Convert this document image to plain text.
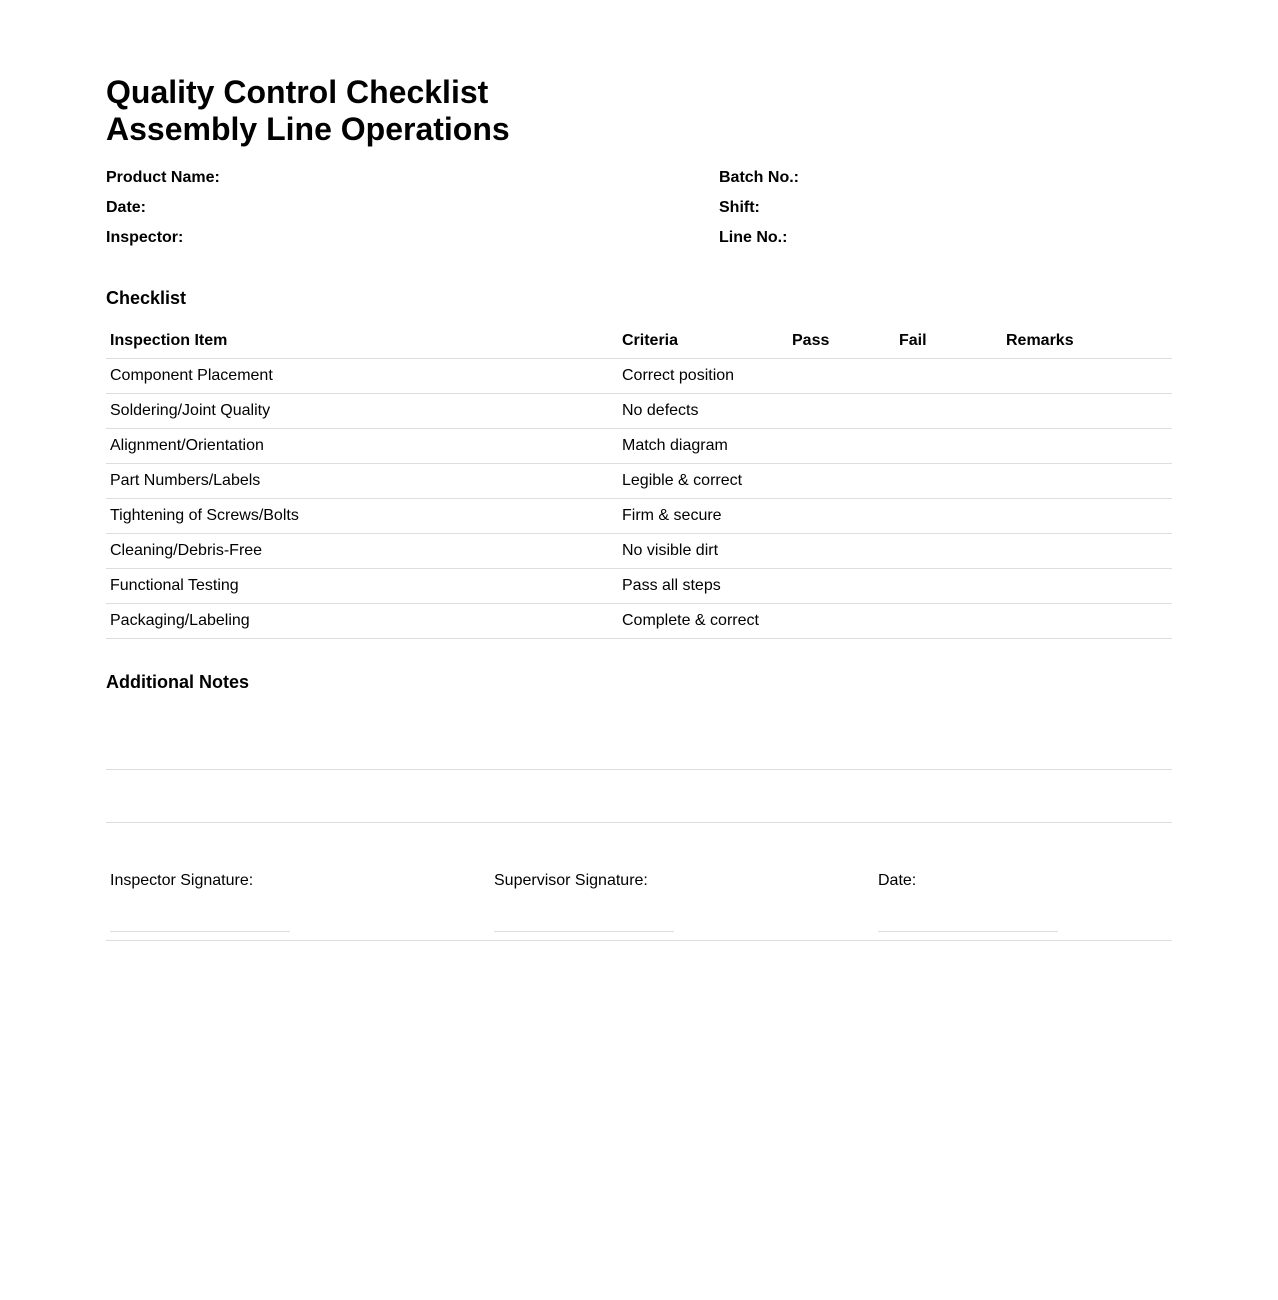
Quality Control Checklist
Assembly Line Operations
Product Name:
Date:
Inspector:
Batch No.:
Shift:
Line No.:
Checklist
Inspection Item	Criteria	Pass	Fail	Remarks
Component Placement	Correct position			
Soldering/Joint Quality	No defects			
Alignment/Orientation	Match diagram			
Part Numbers/Labels	Legible & correct			
Tightening of Screws/Bolts	Firm & secure			
Cleaning/Debris-Free	No visible dirt			
Functional Testing	Pass all steps			
Packaging/Labeling	Complete & correct			
Additional Notes
Inspector Signature:	Supervisor Signature:	Date:
